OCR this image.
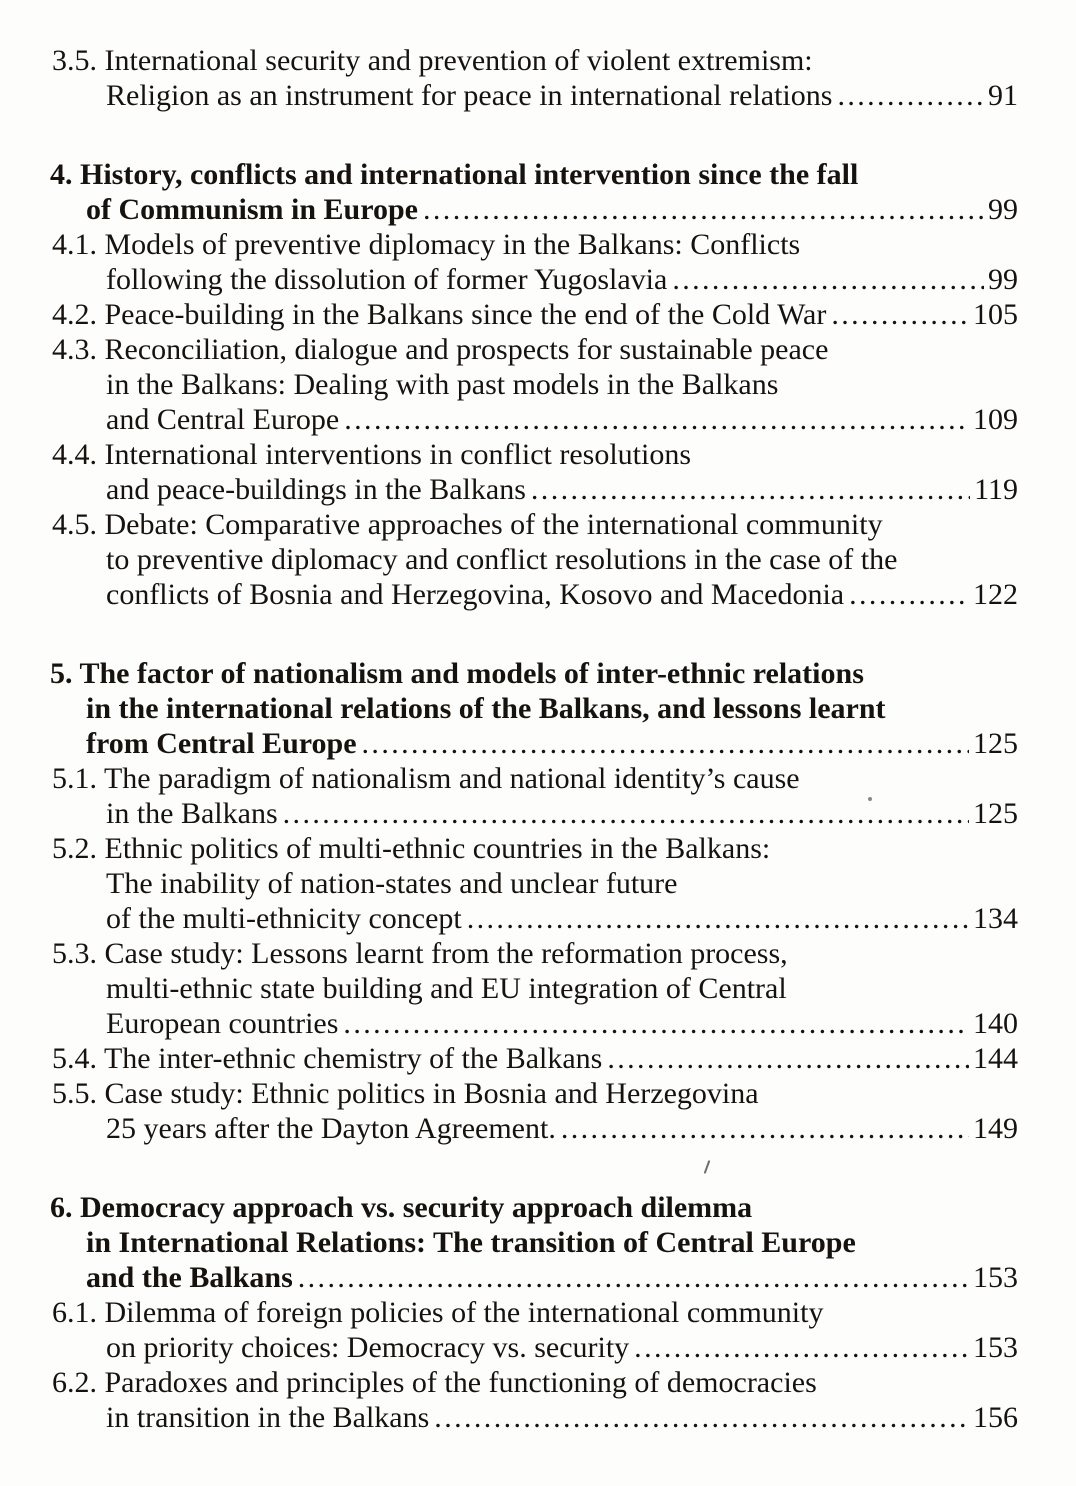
3.5. International security and prevention of violent extremism:
Religion as an instrument for peace in international relations .....	91
4. History, conflicts and international intervention since the fall
of Communism in Europe .....	99
4.1. Models of preventive diplomacy in the Balkans: Conflicts
following the dissolution of former Yugoslavia .....	99
4.2. Peace-building in the Balkans since the end of the Cold War .....	105
4.3. Reconciliation, dialogue and prospects for sustainable peace
in the Balkans: Dealing with past models in the Balkans
and Central Europe .....	109
4.4. International interventions in conflict resolutions
and peace-buildings in the Balkans .....	119
4.5. Debate: Comparative approaches of the international community
to preventive diplomacy and conflict resolutions in the case of the
conflicts of Bosnia and Herzegovina, Kosovo and Macedonia .....	122
5. The factor of nationalism and models of inter-ethnic relations
in the international relations of the Balkans, and lessons learnt
from Central Europe .....	125
5.1. The paradigm of nationalism and national identity’s cause
in the Balkans .....	125
5.2. Ethnic politics of multi-ethnic countries in the Balkans:
The inability of nation-states and unclear future
of the multi-ethnicity concept .....	134
5.3. Case study: Lessons learnt from the reformation process,
multi-ethnic state building and EU integration of Central
European countries .....	140
5.4. The inter-ethnic chemistry of the Balkans .....	144
5.5. Case study: Ethnic politics in Bosnia and Herzegovina
25 years after the Dayton Agreement. .....	149
6. Democracy approach vs. security approach dilemma
in International Relations: The transition of Central Europe
and the Balkans .....	153
6.1. Dilemma of foreign policies of the international community
on priority choices: Democracy vs. security .....	153
6.2. Paradoxes and principles of the functioning of democracies
in transition in the Balkans .....	156
